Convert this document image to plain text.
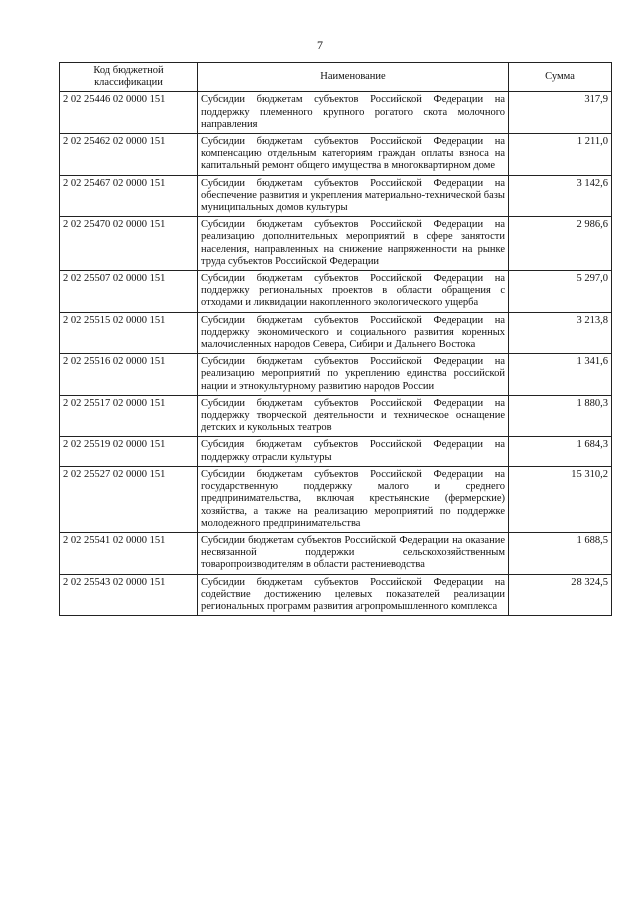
7
Код бюджетной классификации	Наименование	Сумма
2 02 25446 02 0000 151	Субсидии бюджетам субъектов Российской Федерации на поддержку племенного крупного рогатого скота молочного направления	317,9
2 02 25462 02 0000 151	Субсидии бюджетам субъектов Российской Федерации на компенсацию отдельным категориям граждан оплаты взноса на капитальный ремонт общего имущества в многоквартирном доме	1 211,0
2 02 25467 02 0000 151	Субсидии бюджетам субъектов Российской Федерации на обеспечение развития и укрепления материально-технической базы муниципальных домов культуры	3 142,6
2 02 25470 02 0000 151	Субсидии бюджетам субъектов Российской Федерации на реализацию дополнительных мероприятий в сфере занятости населения, направленных на снижение напряженности на рынке труда субъектов Российской Федерации	2 986,6
2 02 25507 02 0000 151	Субсидии бюджетам субъектов Российской Федерации на поддержку региональных проектов в области обращения с отходами и ликвидации накопленного экологического ущерба	5 297,0
2 02 25515 02 0000 151	Субсидии бюджетам субъектов Российской Федерации на поддержку экономического и социального развития коренных малочисленных народов Севера, Сибири и Дальнего Востока	3 213,8
2 02 25516 02 0000 151	Субсидии бюджетам субъектов Российской Федерации на реализацию мероприятий по укреплению единства российской нации и этнокультурному развитию народов России	1 341,6
2 02 25517 02 0000 151	Субсидии бюджетам субъектов Российской Федерации на поддержку творческой деятельности и техническое оснащение детских и кукольных театров	1 880,3
2 02 25519 02 0000 151	Субсидия бюджетам субъектов Российской Федерации на поддержку отрасли культуры	1 684,3
2 02 25527 02 0000 151	Субсидии бюджетам субъектов Российской Федерации на государственную поддержку малого и среднего предпринимательства, включая крестьянские (фермерские) хозяйства, а также на реализацию мероприятий по поддержке молодежного предпринимательства	15 310,2
2 02 25541 02 0000 151	Субсидии бюджетам субъектов Российской Федерации на оказание несвязанной поддержки сельскохозяйственным товаропроизводителям в области растениеводства	1 688,5
2 02 25543 02 0000 151	Субсидии бюджетам субъектов Российской Федерации на содействие достижению целевых показателей реализации региональных программ развития агропромышленного комплекса	28 324,5
